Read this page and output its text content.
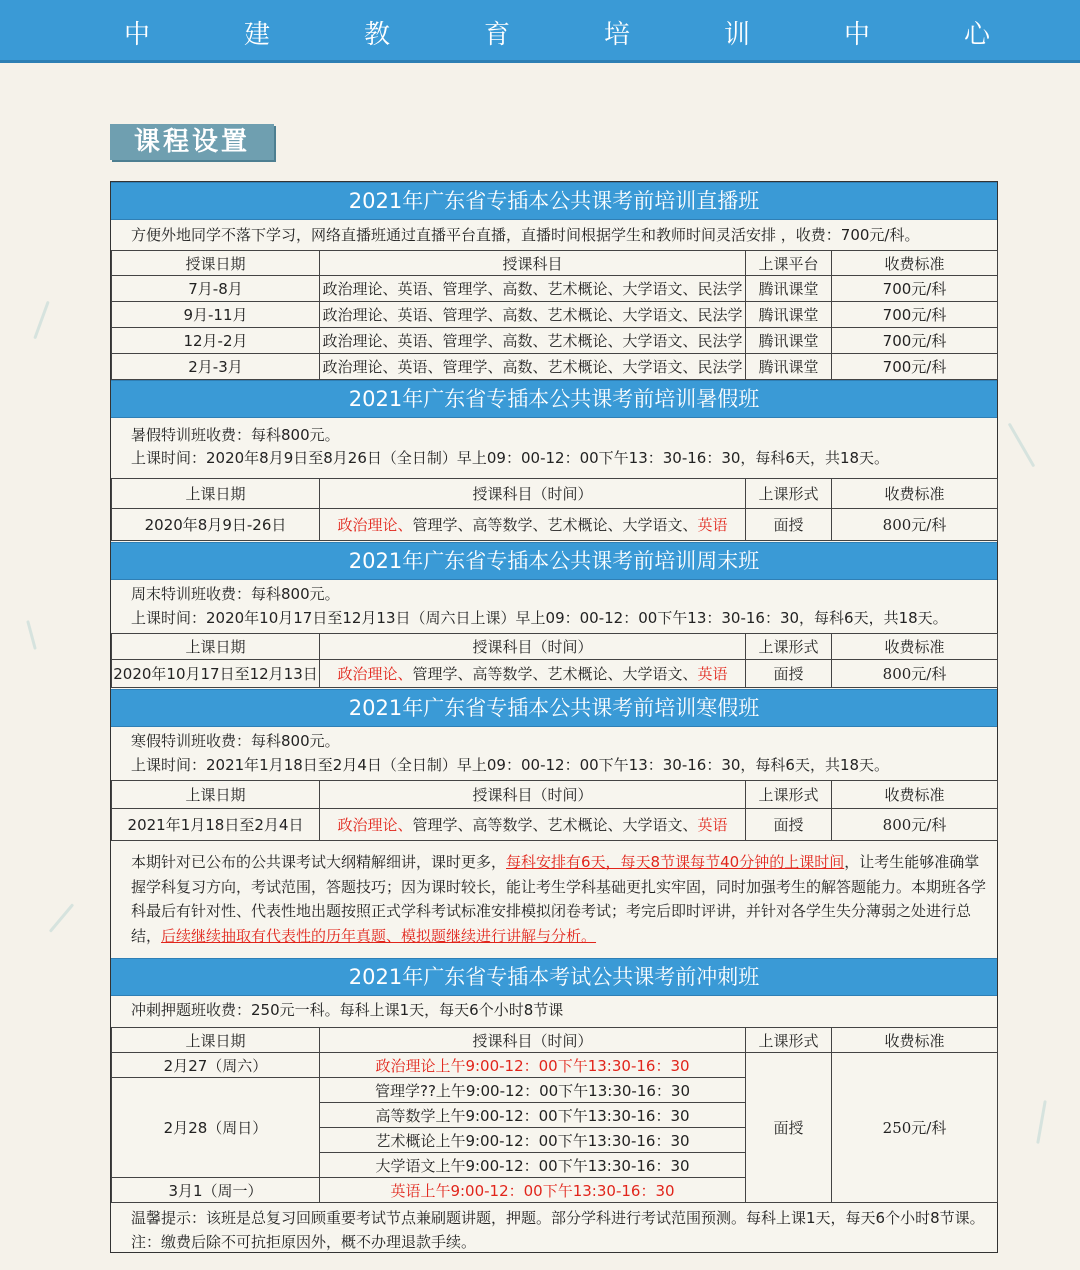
中	建	教	育	培	训	中	心
课程设置
2021年广东省专插本公共课考前培训直播班
方便外地同学不落下学习，网络直播班通过直播平台直播，直播时间根据学生和教师时间灵活安排 ，收费：700元/科。
授课日期	授课科目	上课平台	收费标准
7月-8月	政治理论、英语、管理学、高数、艺术概论、大学语文、民法学	腾讯课堂	700元/科
9月-11月	政治理论、英语、管理学、高数、艺术概论、大学语文、民法学	腾讯课堂	700元/科
12月-2月	政治理论、英语、管理学、高数、艺术概论、大学语文、民法学	腾讯课堂	700元/科
2月-3月	政治理论、英语、管理学、高数、艺术概论、大学语文、民法学	腾讯课堂	700元/科
2021年广东省专插本公共课考前培训暑假班
暑假特训班收费：每科800元。
上课时间：2020年8月9日至8月26日（全日制）早上09：00-12：00下午13：30-16：30，每科6天，共18天。
上课日期	授课科目（时间）	上课形式	收费标准
2020年8月9日-26日	政治理论、管理学、高等数学、艺术概论、大学语文、英语	面授	800元/科
2021年广东省专插本公共课考前培训周末班
周末特训班收费：每科800元。
上课时间：2020年10月17日至12月13日（周六日上课）早上09：00-12：00下午13：30-16：30，每科6天，共18天。
上课日期	授课科目（时间）	上课形式	收费标准
2020年10月17日至12月13日	政治理论、管理学、高等数学、艺术概论、大学语文、英语	面授	800元/科
2021年广东省专插本公共课考前培训寒假班
寒假特训班收费：每科800元。
上课时间：2021年1月18日至2月4日（全日制）早上09：00-12：00下午13：30-16：30，每科6天，共18天。
上课日期	授课科目（时间）	上课形式	收费标准
2021年1月18日至2月4日	政治理论、管理学、高等数学、艺术概论、大学语文、英语	面授	800元/科
本期针对已公布的公共课考试大纲精解细讲，课时更多，每科安排有6天，每天8节课每节40分钟的上课时间，让考生能够准确掌握学科复习方向，考试范围，答题技巧；因为课时较长，能让考生学科基础更扎实牢固，同时加强考生的解答题能力。本期班各学科最后有针对性、代表性地出题按照正式学科考试标准安排模拟闭卷考试；考完后即时评讲，并针对各学生失分薄弱之处进行总结，后续继续抽取有代表性的历年真题、模拟题继续进行讲解与分析。
2021年广东省专插本考试公共课考前冲刺班
冲刺押题班收费：250元一科。每科上课1天，每天6个小时8节课
上课日期	授课科目（时间）	上课形式	收费标准
2月27（周六）	政治理论上午9:00-12：00下午13:30-16：30	面授	250元/科
2月28（周日）	管理学??上午9:00-12：00下午13:30-16：30		
	高等数学上午9:00-12：00下午13:30-16：30		
	艺术概论上午9:00-12：00下午13:30-16：30		
	大学语文上午9:00-12：00下午13:30-16：30		
3月1（周一）	英语上午9:00-12：00下午13:30-16：30		
温馨提示：该班是总复习回顾重要考试节点兼刷题讲题，押题。部分学科进行考试范围预测。每科上课1天，每天6个小时8节课。
注：缴费后除不可抗拒原因外，概不办理退款手续。
